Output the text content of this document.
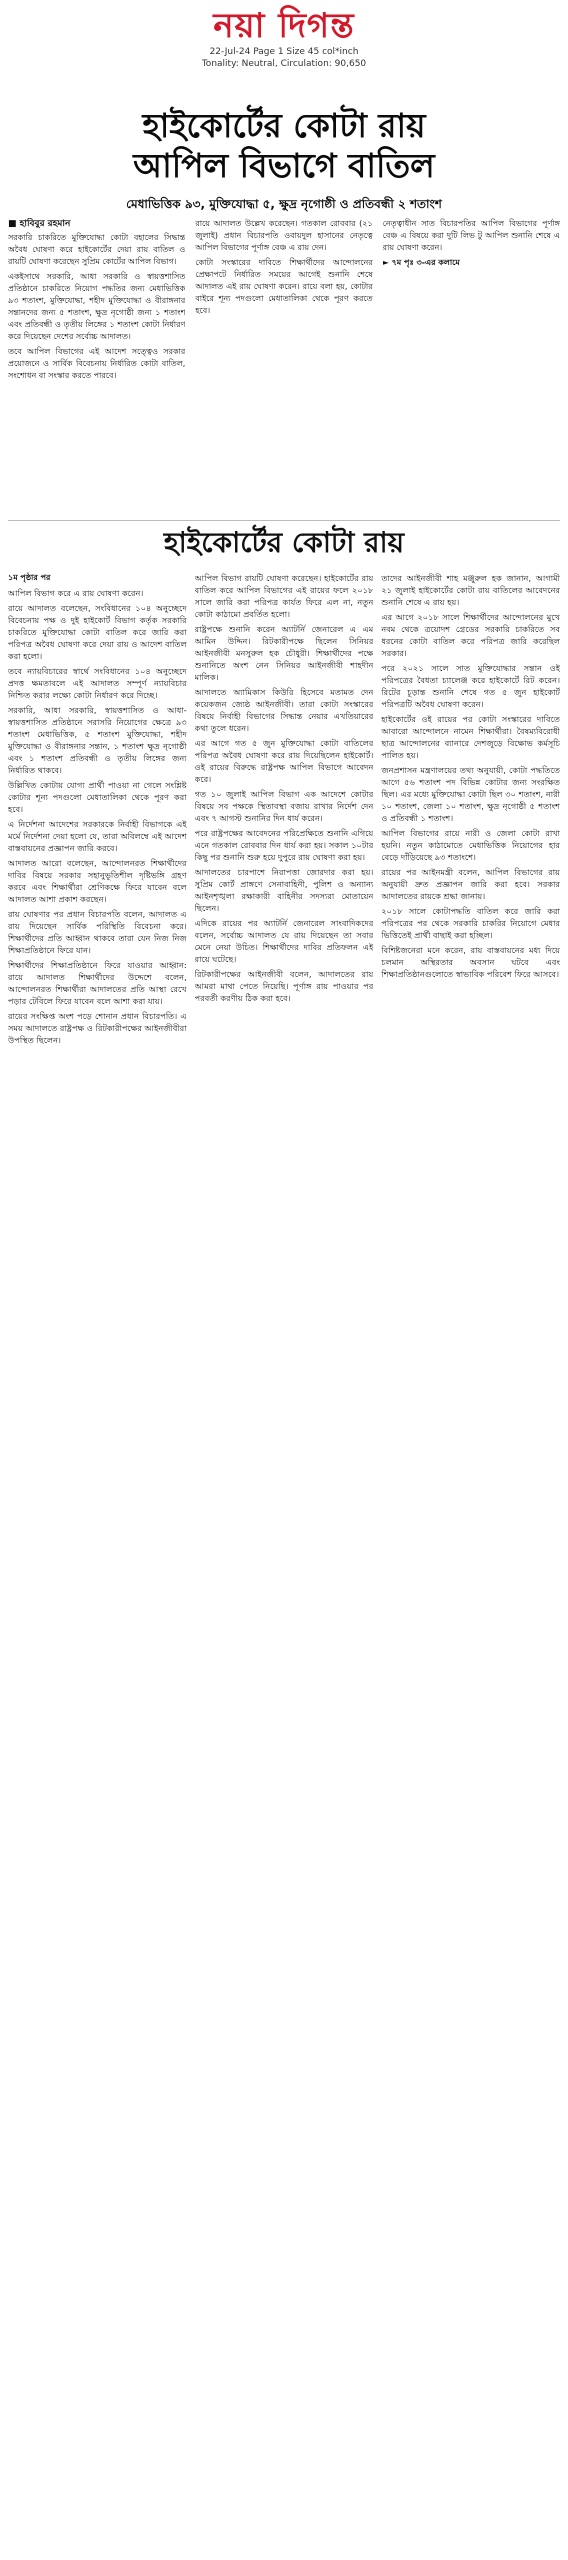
নয়া দিগন্ত
22-Jul-24 Page 1 Size 45 col*inch
Tonality: Neutral, Circulation: 90,650
হাইকোর্টের কোটা রায়
আপিল বিভাগে বাতিল
মেধাভিত্তিক ৯৩, মুক্তিযোদ্ধা ৫, ক্ষুদ্র নৃগোষ্ঠী ও প্রতিবন্ধী ২ শতাংশ
■ হাবিবুর রহমান

সরকারি চাকরিতে মুক্তিযোদ্ধা কোটা বহালের সিদ্ধান্ত অবৈধ ঘোষণা করে হাইকোর্টের দেয়া রায় বাতিল ও রায়টি ঘোষণা করেছেন সুপ্রিম কোর্টের আপিল বিভাগ।

একইসাথে সরকারি, আধা সরকারি ও স্বায়ত্তশাসিত প্রতিষ্ঠানে চাকরিতে নিয়োগ পদ্ধতির জন্য মেধাভিত্তিক ৯৩ শতাংশ, মুক্তিযোদ্ধা, শহীদ মুক্তিযোদ্ধা ও বীরাঙ্গনার সন্তানদের জন্য ৫ শতাংশ, ক্ষুদ্র নৃগোষ্ঠী জন্য ১ শতাংশ এবং প্রতিবন্ধী ও তৃতীয় লিঙ্গের ১ শতাংশ কোটা নির্ধারণ করে দিয়েছেন দেশের সর্বোচ্চ আদালত।

তবে আপিল বিভাগের এই আদেশ সত্ত্বেও সরকার প্রয়োজনে ও সার্বিক বিবেচনায় নির্ধারিত কোটা বাতিল, সংশোধন বা সংস্কার করতে পারবে।

রায়ে আদালত উল্লেখ করেছেন। গতকাল রোববার (২১ জুলাই) প্রধান বিচারপতি ওবায়দুল হাসানের নেতৃত্বে আপিল বিভাগের পূর্ণাঙ্গ বেঞ্চ এ রায় দেন।

কোটা সংস্কারের দাবিতে শিক্ষার্থীদের আন্দোলনের প্রেক্ষাপটে নির্ধারিত সময়ের আগেই শুনানি শেষে আদালত এই রায় ঘোষণা করেন। রায়ে বলা হয়, কোটার বাইরে শূন্য পদগুলো মেধাতালিকা থেকে পূরণ করতে হবে।

নেতৃত্বাধীন সাত বিচারপতির আপিল বিভাগের পূর্ণাঙ্গ বেঞ্চ এ বিষয়ে করা দুটি লিভ টু আপিল শুনানি শেষে এ রায় ঘোষণা করেন।

► ৭ম পৃঃ ৩-এর কলামে

হাইকোর্টের কোটা রায়
১ম পৃষ্ঠার পর

আপিল বিভাগ করে এ রায় ঘোষণা করেন।

রায়ে আদালত বলেছেন, সংবিধানের ১০৪ অনুচ্ছেদে বিবেচনায় পক্ষ ও দুই হাইকোর্ট বিভাগ কর্তৃক সরকারি চাকরিতে মুক্তিযোদ্ধা কোটা বাতিল করে জারি করা পরিপত্র অবৈধ ঘোষণা করে দেয়া রায় ও আদেশ বাতিল করা হলো।

তবে ন্যায়বিচারের স্বার্থে সংবিধানের ১০৪ অনুচ্ছেদে প্রদত্ত ক্ষমতাবলে এই আদালত সম্পূর্ণ ন্যায়বিচার নিশ্চিত করার লক্ষ্যে কোটা নির্ধারণ করে দিচ্ছে।

সরকারি, আধা সরকারি, স্বায়ত্তশাসিত ও আধা-স্বায়ত্তশাসিত প্রতিষ্ঠানে সরাসরি নিয়োগের ক্ষেত্রে ৯৩ শতাংশ মেধাভিত্তিক, ৫ শতাংশ মুক্তিযোদ্ধা, শহীদ মুক্তিযোদ্ধা ও বীরাঙ্গনার সন্তান, ১ শতাংশ ক্ষুদ্র নৃগোষ্ঠী এবং ১ শতাংশ প্রতিবন্ধী ও তৃতীয় লিঙ্গের জন্য নির্ধারিত থাকবে।

উল্লিখিত কোটায় যোগ্য প্রার্থী পাওয়া না গেলে সংশ্লিষ্ট কোটার শূন্য পদগুলো মেধাতালিকা থেকে পূরণ করা হবে।

এ নির্দেশনা আদেশের সরকারকে নির্বাহী বিভাগকে এই মর্মে নির্দেশনা দেয়া হলো যে, তারা অবিলম্বে এই আদেশ বাস্তবায়নের প্রজ্ঞাপন জারি করবে।

আদালত আরো বলেছেন, আন্দোলনরত শিক্ষার্থীদের দাবির বিষয়ে সরকার সহানুভূতিশীল দৃষ্টিভঙ্গি গ্রহণ করবে এবং শিক্ষার্থীরা শ্রেণিকক্ষে ফিরে যাবেন বলে আদালত আশা প্রকাশ করছেন।

রায় ঘোষণার পর প্রধান বিচারপতি বলেন, আদালত এ রায় দিয়েছেন সার্বিক পরিস্থিতি বিবেচনা করে। শিক্ষার্থীদের প্রতি আহ্বান থাকবে তারা যেন নিজ নিজ শিক্ষাপ্রতিষ্ঠানে ফিরে যান।

শিক্ষার্থীদের শিক্ষাপ্রতিষ্ঠানে ফিরে যাওয়ার আহ্বান: রায়ে আদালত শিক্ষার্থীদের উদ্দেশে বলেন, আন্দোলনরত শিক্ষার্থীরা আদালতের প্রতি আস্থা রেখে পড়ার টেবিলে ফিরে যাবেন বলে আশা করা যায়।

রায়ের সংক্ষিপ্ত অংশ পড়ে শোনান প্রধান বিচারপতি। এ সময় আদালতে রাষ্ট্রপক্ষ ও রিটকারীপক্ষের আইনজীবীরা উপস্থিত ছিলেন।

আপিল বিভাগ রায়টি ঘোষণা করেছেন। হাইকোর্টের রায় বাতিল করে আপিল বিভাগের এই রায়ের ফলে ২০১৮ সালে জারি করা পরিপত্র কার্যত ফিরে এল না, নতুন কোটা কাঠামো প্রবর্তিত হলো।

রাষ্ট্রপক্ষে শুনানি করেন অ্যাটর্নি জেনারেল এ এম আমিন উদ্দিন। রিটকারীপক্ষে ছিলেন সিনিয়র আইনজীবী মনসুরুল হক চৌধুরী। শিক্ষার্থীদের পক্ষে শুনানিতে অংশ নেন সিনিয়র আইনজীবী শাহদীন মালিক।

আদালতে অ্যামিকাস কিউরি হিসেবে মতামত দেন কয়েকজন জ্যেষ্ঠ আইনজীবী। তারা কোটা সংস্কারের বিষয়ে নির্বাহী বিভাগের সিদ্ধান্ত নেয়ার এখতিয়ারের কথা তুলে ধরেন।

এর আগে গত ৫ জুন মুক্তিযোদ্ধা কোটা বাতিলের পরিপত্র অবৈধ ঘোষণা করে রায় দিয়েছিলেন হাইকোর্ট। ওই রায়ের বিরুদ্ধে রাষ্ট্রপক্ষ আপিল বিভাগে আবেদন করে।

গত ১০ জুলাই আপিল বিভাগ এক আদেশে কোটার বিষয়ে সব পক্ষকে স্থিতাবস্থা বজায় রাখার নির্দেশ দেন এবং ৭ আগস্ট শুনানির দিন ধার্য করেন।

পরে রাষ্ট্রপক্ষের আবেদনের পরিপ্রেক্ষিতে শুনানি এগিয়ে এনে গতকাল রোববার দিন ধার্য করা হয়। সকাল ১০টার কিছু পর শুনানি শুরু হয়ে দুপুরে রায় ঘোষণা করা হয়।

আদালতের চারপাশে নিরাপত্তা জোরদার করা হয়। সুপ্রিম কোর্ট প্রাঙ্গণে সেনাবাহিনী, পুলিশ ও অন্যান্য আইনশৃঙ্খলা রক্ষাকারী বাহিনীর সদস্যরা মোতায়েন ছিলেন।

এদিকে রায়ের পর অ্যাটর্নি জেনারেল সাংবাদিকদের বলেন, সর্বোচ্চ আদালত যে রায় দিয়েছেন তা সবার মেনে নেয়া উচিত। শিক্ষার্থীদের দাবির প্রতিফলন এই রায়ে ঘটেছে।

রিটকারীপক্ষের আইনজীবী বলেন, আদালতের রায় আমরা মাথা পেতে নিয়েছি। পূর্ণাঙ্গ রায় পাওয়ার পর পরবর্তী করণীয় ঠিক করা হবে।

তাদের আইনজীবী শাহ মঞ্জুরুল হক জানান, আগামী ২১ জুলাই হাইকোর্টের কোটা রায় বাতিলের আবেদনের শুনানি শেষে এ রায় হয়।

এর আগে ২০১৮ সালে শিক্ষার্থীদের আন্দোলনের মুখে নবম থেকে ত্রয়োদশ গ্রেডের সরকারি চাকরিতে সব ধরনের কোটা বাতিল করে পরিপত্র জারি করেছিল সরকার।

পরে ২০২১ সালে সাত মুক্তিযোদ্ধার সন্তান ওই পরিপত্রের বৈধতা চ্যালেঞ্জ করে হাইকোর্টে রিট করেন। রিটের চূড়ান্ত শুনানি শেষে গত ৫ জুন হাইকোর্ট পরিপত্রটি অবৈধ ঘোষণা করেন।

হাইকোর্টের ওই রায়ের পর কোটা সংস্কারের দাবিতে আবারো আন্দোলনে নামেন শিক্ষার্থীরা। বৈষম্যবিরোধী ছাত্র আন্দোলনের ব্যানারে দেশজুড়ে বিক্ষোভ কর্মসূচি পালিত হয়।

জনপ্রশাসন মন্ত্রণালয়ের তথ্য অনুযায়ী, কোটা পদ্ধতিতে আগে ৫৬ শতাংশ পদ বিভিন্ন কোটার জন্য সংরক্ষিত ছিল। এর মধ্যে মুক্তিযোদ্ধা কোটা ছিল ৩০ শতাংশ, নারী ১০ শতাংশ, জেলা ১০ শতাংশ, ক্ষুদ্র নৃগোষ্ঠী ৫ শতাংশ ও প্রতিবন্ধী ১ শতাংশ।

আপিল বিভাগের রায়ে নারী ও জেলা কোটা রাখা হয়নি। নতুন কাঠামোতে মেধাভিত্তিক নিয়োগের হার বেড়ে দাঁড়িয়েছে ৯৩ শতাংশে।

রায়ের পর আইনমন্ত্রী বলেন, আপিল বিভাগের রায় অনুযায়ী দ্রুত প্রজ্ঞাপন জারি করা হবে। সরকার আদালতের রায়কে শ্রদ্ধা জানায়।

২০১৮ সালে কোটাপদ্ধতি বাতিল করে জারি করা পরিপত্রের পর থেকে সরকারি চাকরির নিয়োগে মেধার ভিত্তিতেই প্রার্থী বাছাই করা হচ্ছিল।

বিশিষ্টজনেরা মনে করেন, রায় বাস্তবায়নের মধ্য দিয়ে চলমান অস্থিরতার অবসান ঘটবে এবং শিক্ষাপ্রতিষ্ঠানগুলোতে স্বাভাবিক পরিবেশ ফিরে আসবে।
